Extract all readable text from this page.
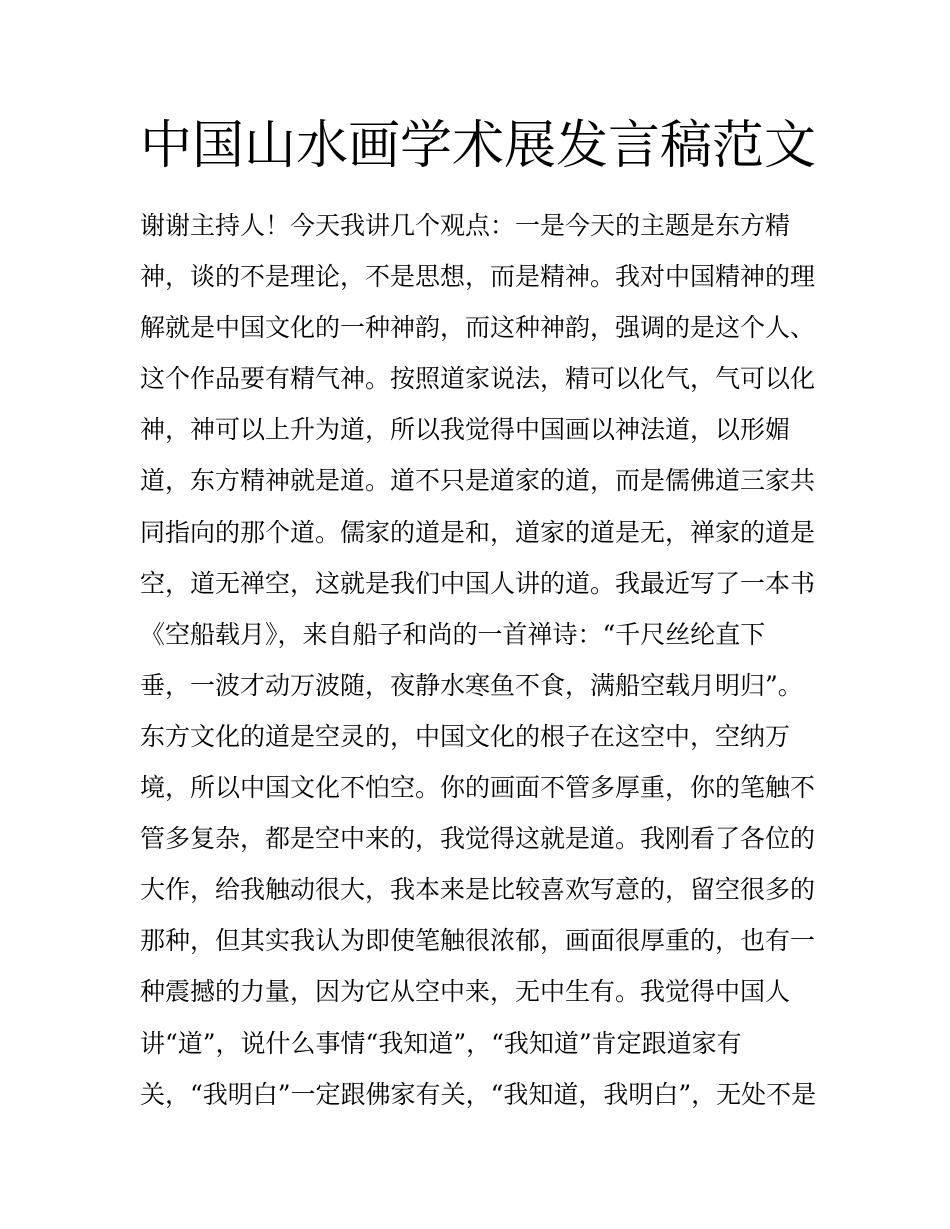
中国山水画学术展发言稿范文
谢谢主持人！今天我讲几个观点：一是今天的主题是东方精
神，谈的不是理论，不是思想，而是精神。我对中国精神的理
解就是中国文化的一种神韵，而这种神韵，强调的是这个人、
这个作品要有精气神。按照道家说法，精可以化气，气可以化
神，神可以上升为道，所以我觉得中国画以神法道，以形媚
道，东方精神就是道。道不只是道家的道，而是儒佛道三家共
同指向的那个道。儒家的道是和，道家的道是无，禅家的道是
空，道无禅空，这就是我们中国人讲的道。我最近写了一本书
《空船载月》，来自船子和尚的一首禅诗：“千尺丝纶直下
垂，一波才动万波随，夜静水寒鱼不食，满船空载月明归”。
东方文化的道是空灵的，中国文化的根子在这空中，空纳万
境，所以中国文化不怕空。你的画面不管多厚重，你的笔触不
管多复杂，都是空中来的，我觉得这就是道。我刚看了各位的
大作，给我触动很大，我本来是比较喜欢写意的，留空很多的
那种，但其实我认为即使笔触很浓郁，画面很厚重的，也有一
种震撼的力量，因为它从空中来，无中生有。我觉得中国人
讲“道”，说什么事情“我知道”，“我知道”肯定跟道家有
关，“我明白”一定跟佛家有关，“我知道，我明白”，无处不是
